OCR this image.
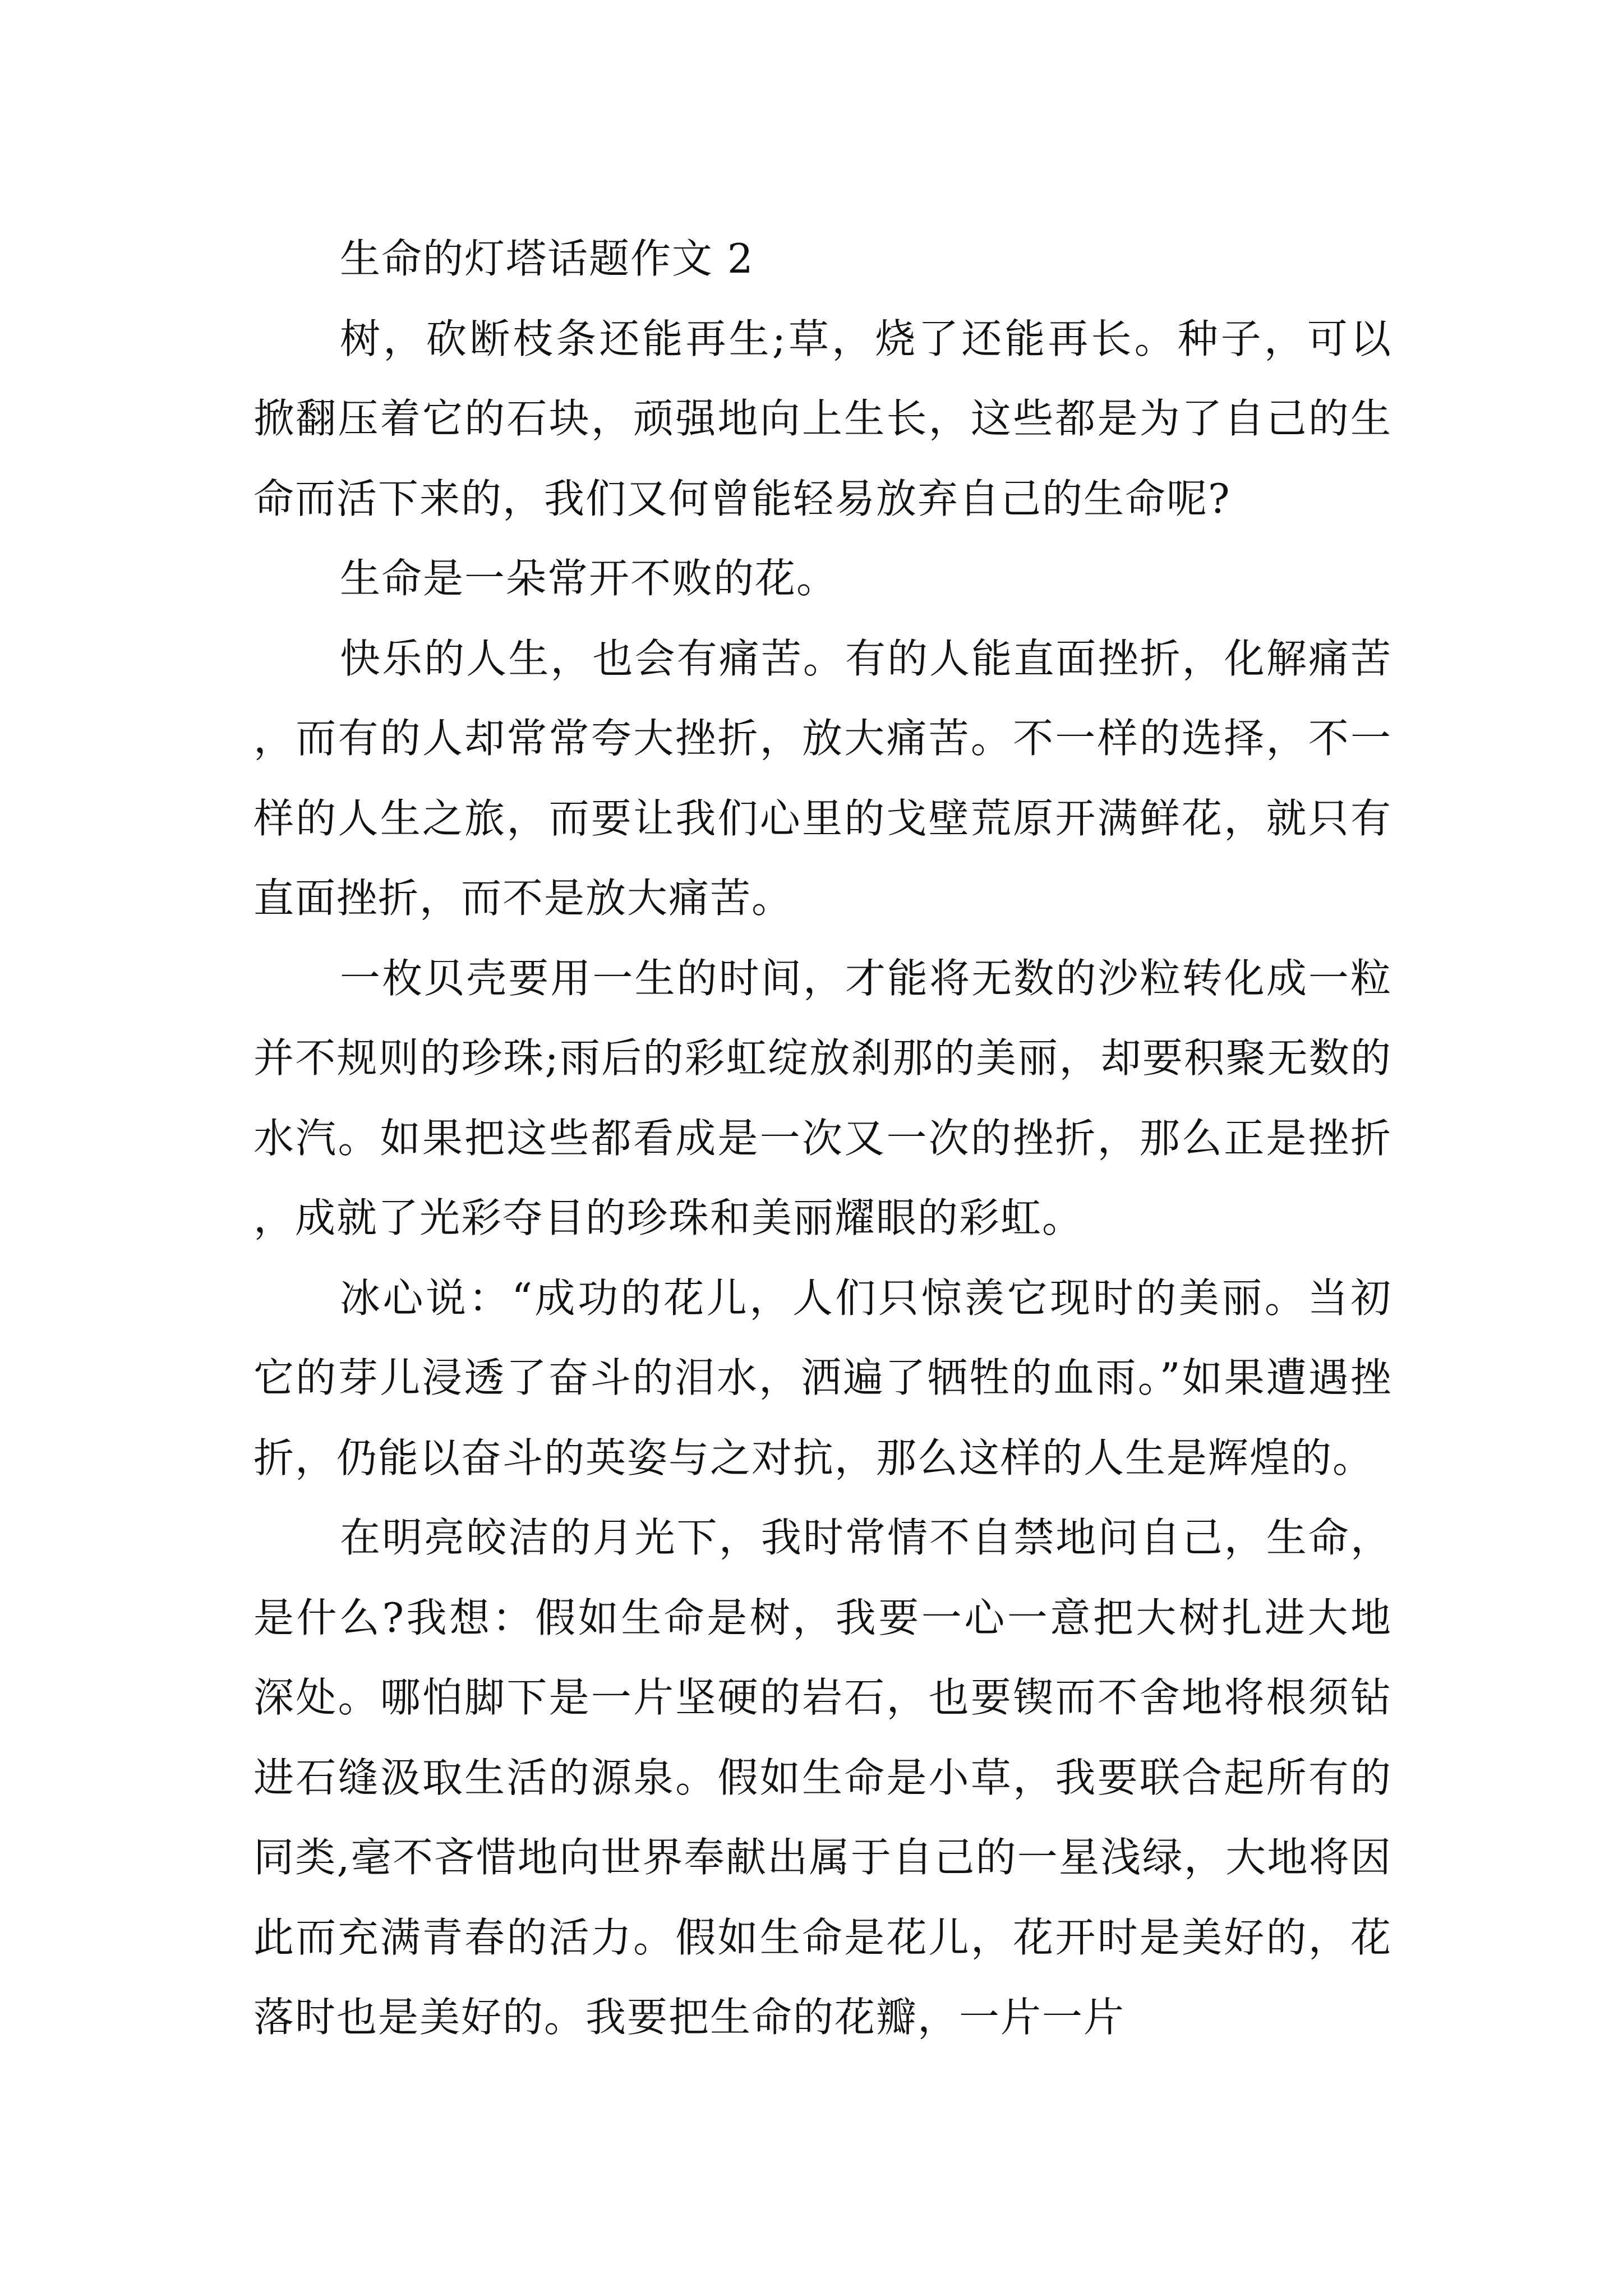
生命的灯塔话题作文 2

树，砍断枝条还能再生;草，烧了还能再长。种子，可以掀翻压着它的石块，顽强地向上生长，这些都是为了自己的生命而活下来的，我们又何曾能轻易放弃自己的生命呢?

生命是一朵常开不败的花。

快乐的人生，也会有痛苦。有的人能直面挫折，化解痛苦，而有的人却常常夸大挫折，放大痛苦。不一样的选择，不一样的人生之旅，而要让我们心里的戈壁荒原开满鲜花，就只有直面挫折，而不是放大痛苦。

一枚贝壳要用一生的时间，才能将无数的沙粒转化成一粒并不规则的珍珠;雨后的彩虹绽放刹那的美丽，却要积聚无数的水汽。如果把这些都看成是一次又一次的挫折，那么正是挫折，成就了光彩夺目的珍珠和美丽耀眼的彩虹。

冰心说：“成功的花儿，人们只惊羡它现时的美丽。当初它的芽儿浸透了奋斗的泪水，洒遍了牺牲的血雨。”如果遭遇挫折，仍能以奋斗的英姿与之对抗，那么这样的人生是辉煌的。

在明亮皎洁的月光下，我时常情不自禁地问自己，生命，是什么?我想：假如生命是树，我要一心一意把大树扎进大地深处。哪怕脚下是一片坚硬的岩石，也要锲而不舍地将根须钻进石缝汲取生活的源泉。假如生命是小草，我要联合起所有的同类,毫不吝惜地向世界奉献出属于自己的一星浅绿，大地将因此而充满青春的活力。假如生命是花儿，花开时是美好的，花落时也是美好的。我要把生命的花瓣，一片一片
